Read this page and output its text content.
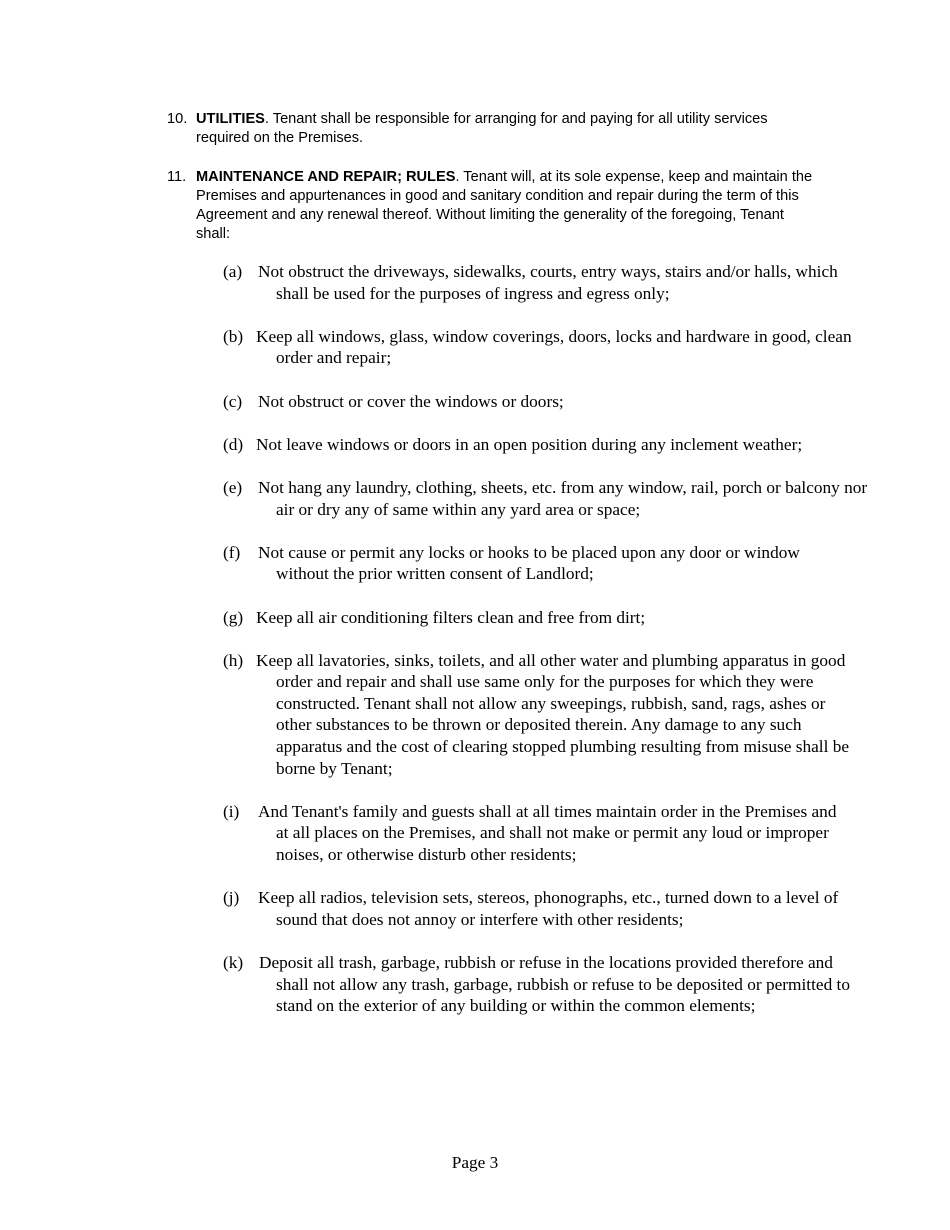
10. UTILITIES. Tenant shall be responsible for arranging for and paying for all utility services required on the Premises.
11. MAINTENANCE AND REPAIR; RULES. Tenant will, at its sole expense, keep and maintain the Premises and appurtenances in good and sanitary condition and repair during the term of this Agreement and any renewal thereof. Without limiting the generality of the foregoing, Tenant shall:

(a) Not obstruct the driveways, sidewalks, courts, entry ways, stairs and/or halls, which shall be used for the purposes of ingress and egress only;

(b) Keep all windows, glass, window coverings, doors, locks and hardware in good, clean order and repair;

(c) Not obstruct or cover the windows or doors;

(d) Not leave windows or doors in an open position during any inclement weather;

(e) Not hang any laundry, clothing, sheets, etc. from any window, rail, porch or balcony nor air or dry any of same within any yard area or space;

(f) Not cause or permit any locks or hooks to be placed upon any door or window without the prior written consent of Landlord;

(g) Keep all air conditioning filters clean and free from dirt;

(h) Keep all lavatories, sinks, toilets, and all other water and plumbing apparatus in good order and repair and shall use same only for the purposes for which they were constructed. Tenant shall not allow any sweepings, rubbish, sand, rags, ashes or other substances to be thrown or deposited therein. Any damage to any such apparatus and the cost of clearing stopped plumbing resulting from misuse shall be borne by Tenant;

(i) And Tenant's family and guests shall at all times maintain order in the Premises and at all places on the Premises, and shall not make or permit any loud or improper noises, or otherwise disturb other residents;

(j) Keep all radios, television sets, stereos, phonographs, etc., turned down to a level of sound that does not annoy or interfere with other residents;

(k) Deposit all trash, garbage, rubbish or refuse in the locations provided therefore and shall not allow any trash, garbage, rubbish or refuse to be deposited or permitted to stand on the exterior of any building or within the common elements;

Page 3
